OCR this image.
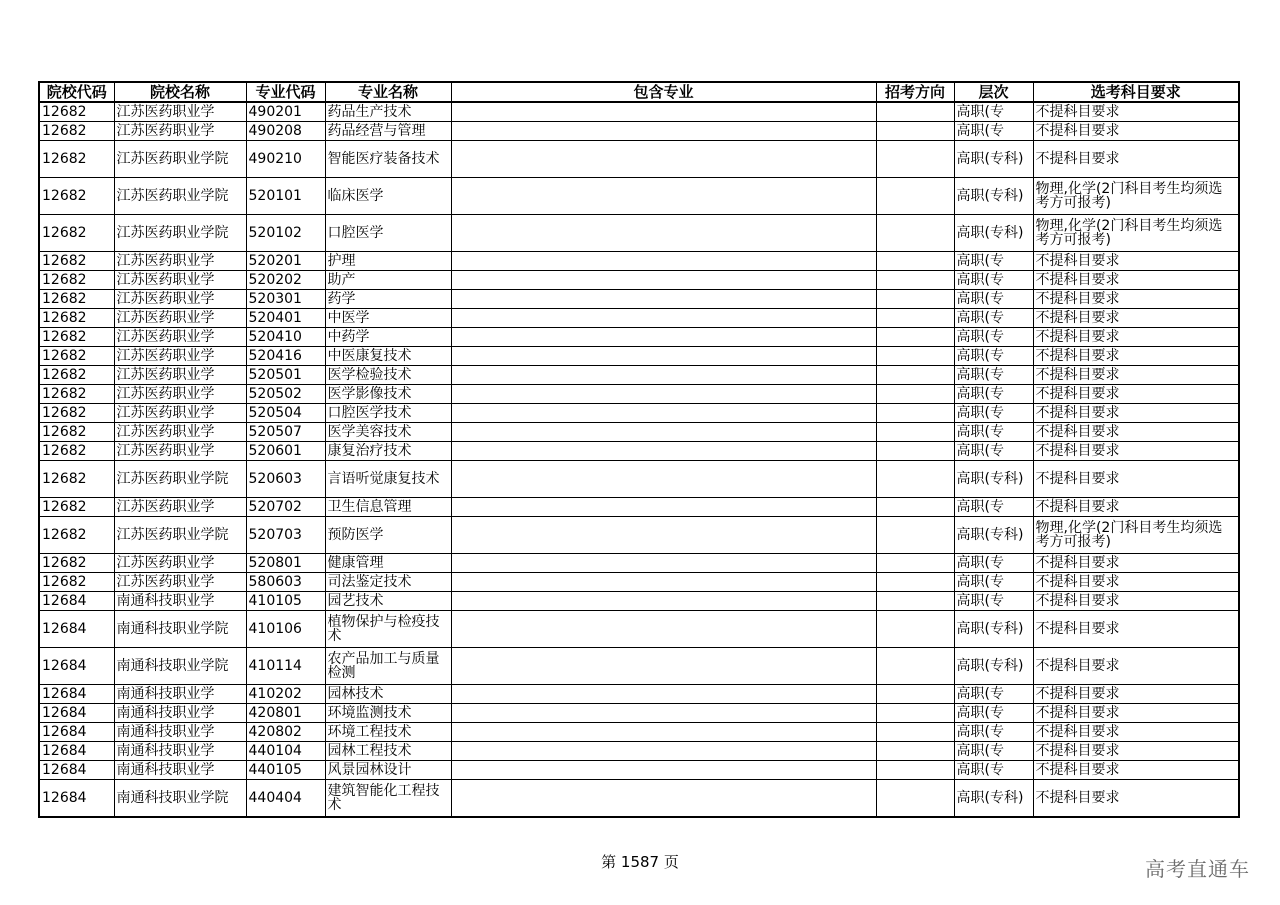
院校代码	院校名称	专业代码	专业名称	包含专业	招考方向	层次	选考科目要求
12682	江苏医药职业学	490201	药品生产技术			高职(专	不提科目要求
12682	江苏医药职业学	490208	药品经营与管理			高职(专	不提科目要求
12682	江苏医药职业学院	490210	智能医疗装备技术			高职(专科)	不提科目要求
12682	江苏医药职业学院	520101	临床医学			高职(专科)	物理,化学(2门科目考生均须选考方可报考)
12682	江苏医药职业学院	520102	口腔医学			高职(专科)	物理,化学(2门科目考生均须选考方可报考)
12682	江苏医药职业学	520201	护理			高职(专	不提科目要求
12682	江苏医药职业学	520202	助产			高职(专	不提科目要求
12682	江苏医药职业学	520301	药学			高职(专	不提科目要求
12682	江苏医药职业学	520401	中医学			高职(专	不提科目要求
12682	江苏医药职业学	520410	中药学			高职(专	不提科目要求
12682	江苏医药职业学	520416	中医康复技术			高职(专	不提科目要求
12682	江苏医药职业学	520501	医学检验技术			高职(专	不提科目要求
12682	江苏医药职业学	520502	医学影像技术			高职(专	不提科目要求
12682	江苏医药职业学	520504	口腔医学技术			高职(专	不提科目要求
12682	江苏医药职业学	520507	医学美容技术			高职(专	不提科目要求
12682	江苏医药职业学	520601	康复治疗技术			高职(专	不提科目要求
12682	江苏医药职业学院	520603	言语听觉康复技术			高职(专科)	不提科目要求
12682	江苏医药职业学	520702	卫生信息管理			高职(专	不提科目要求
12682	江苏医药职业学院	520703	预防医学			高职(专科)	物理,化学(2门科目考生均须选考方可报考)
12682	江苏医药职业学	520801	健康管理			高职(专	不提科目要求
12682	江苏医药职业学	580603	司法鉴定技术			高职(专	不提科目要求
12684	南通科技职业学	410105	园艺技术			高职(专	不提科目要求
12684	南通科技职业学院	410106	植物保护与检疫技术			高职(专科)	不提科目要求
12684	南通科技职业学院	410114	农产品加工与质量检测			高职(专科)	不提科目要求
12684	南通科技职业学	410202	园林技术			高职(专	不提科目要求
12684	南通科技职业学	420801	环境监测技术			高职(专	不提科目要求
12684	南通科技职业学	420802	环境工程技术			高职(专	不提科目要求
12684	南通科技职业学	440104	园林工程技术			高职(专	不提科目要求
12684	南通科技职业学	440105	风景园林设计			高职(专	不提科目要求
12684	南通科技职业学院	440404	建筑智能化工程技术			高职(专科)	不提科目要求
第 1587 页	高考直通车
